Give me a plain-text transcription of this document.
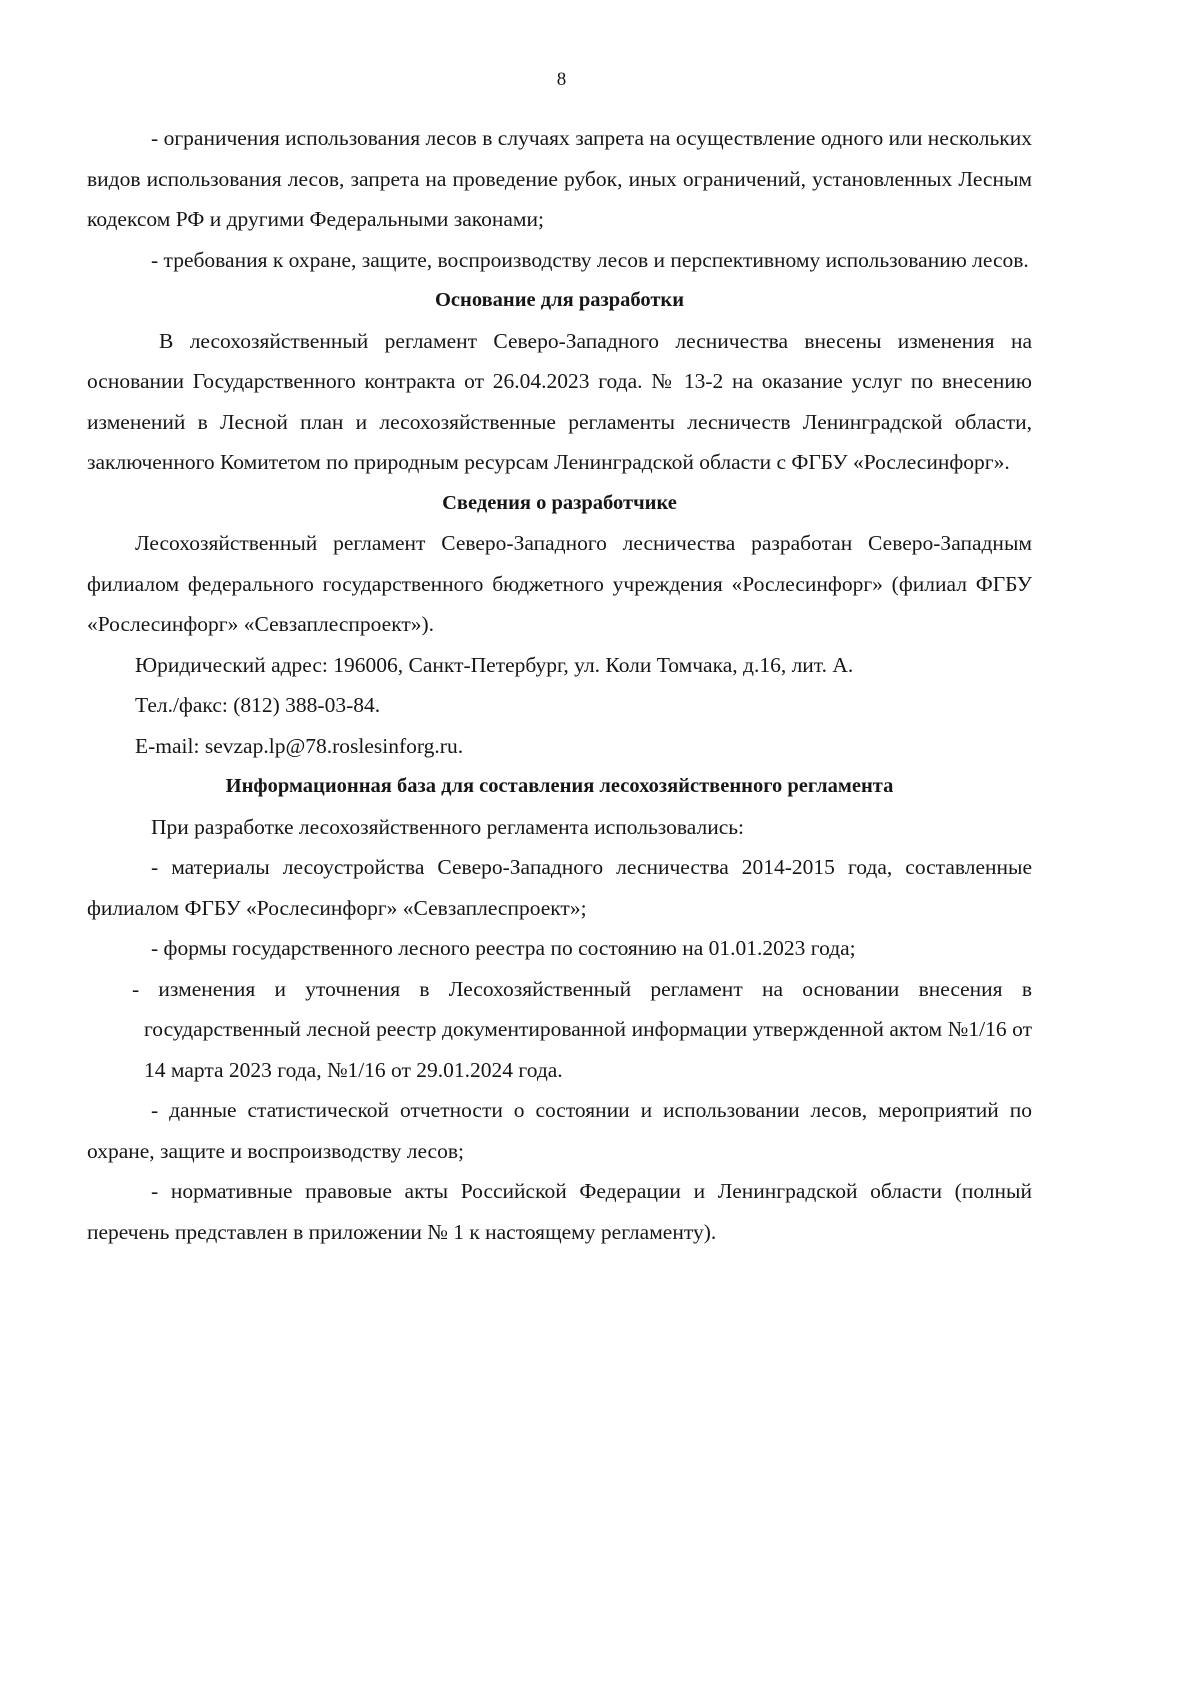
8

- ограничения использования лесов в случаях запрета на осуществление одного или нескольких видов использования лесов, запрета на проведение рубок, иных ограничений, установленных Лесным кодексом РФ и другими Федеральными законами;

- требования к охране, защите, воспроизводству лесов и перспективному использованию лесов.

Основание для разработки

В лесохозяйственный регламент Северо-Западного лесничества внесены изменения на основании Государственного контракта от 26.04.2023 года. № 13-2 на оказание услуг по внесению изменений в Лесной план и лесохозяйственные регламенты лесничеств Ленинградской области, заключенного Комитетом по природным ресурсам Ленинградской области с ФГБУ «Рослесинфорг».

Сведения о разработчике

Лесохозяйственный регламент Северо-Западного лесничества разработан Северо-Западным филиалом федерального государственного бюджетного учреждения «Рослесинфорг» (филиал ФГБУ «Рослесинфорг» «Севзаплеспроект»).

Юридический адрес: 196006, Санкт-Петербург, ул. Коли Томчака, д.16, лит. А.

Тел./факс: (812) 388-03-84.

E-mail: sevzap.lp@78.roslesinforg.ru.

Информационная база для составления лесохозяйственного регламента

При разработке лесохозяйственного регламента использовались:

- материалы лесоустройства Северо-Западного лесничества 2014-2015 года, составленные филиалом ФГБУ «Рослесинфорг» «Севзаплеспроект»;

- формы государственного лесного реестра по состоянию на 01.01.2023 года;

- изменения и уточнения в Лесохозяйственный регламент на основании внесения в государственный лесной реестр документированной информации утвержденной актом №1/16 от 14 марта 2023 года, №1/16 от 29.01.2024 года.

- данные статистической отчетности о состоянии и использовании лесов, мероприятий по охране, защите и воспроизводству лесов;

- нормативные правовые акты Российской Федерации и Ленинградской области (полный перечень представлен в приложении № 1 к настоящему регламенту).
